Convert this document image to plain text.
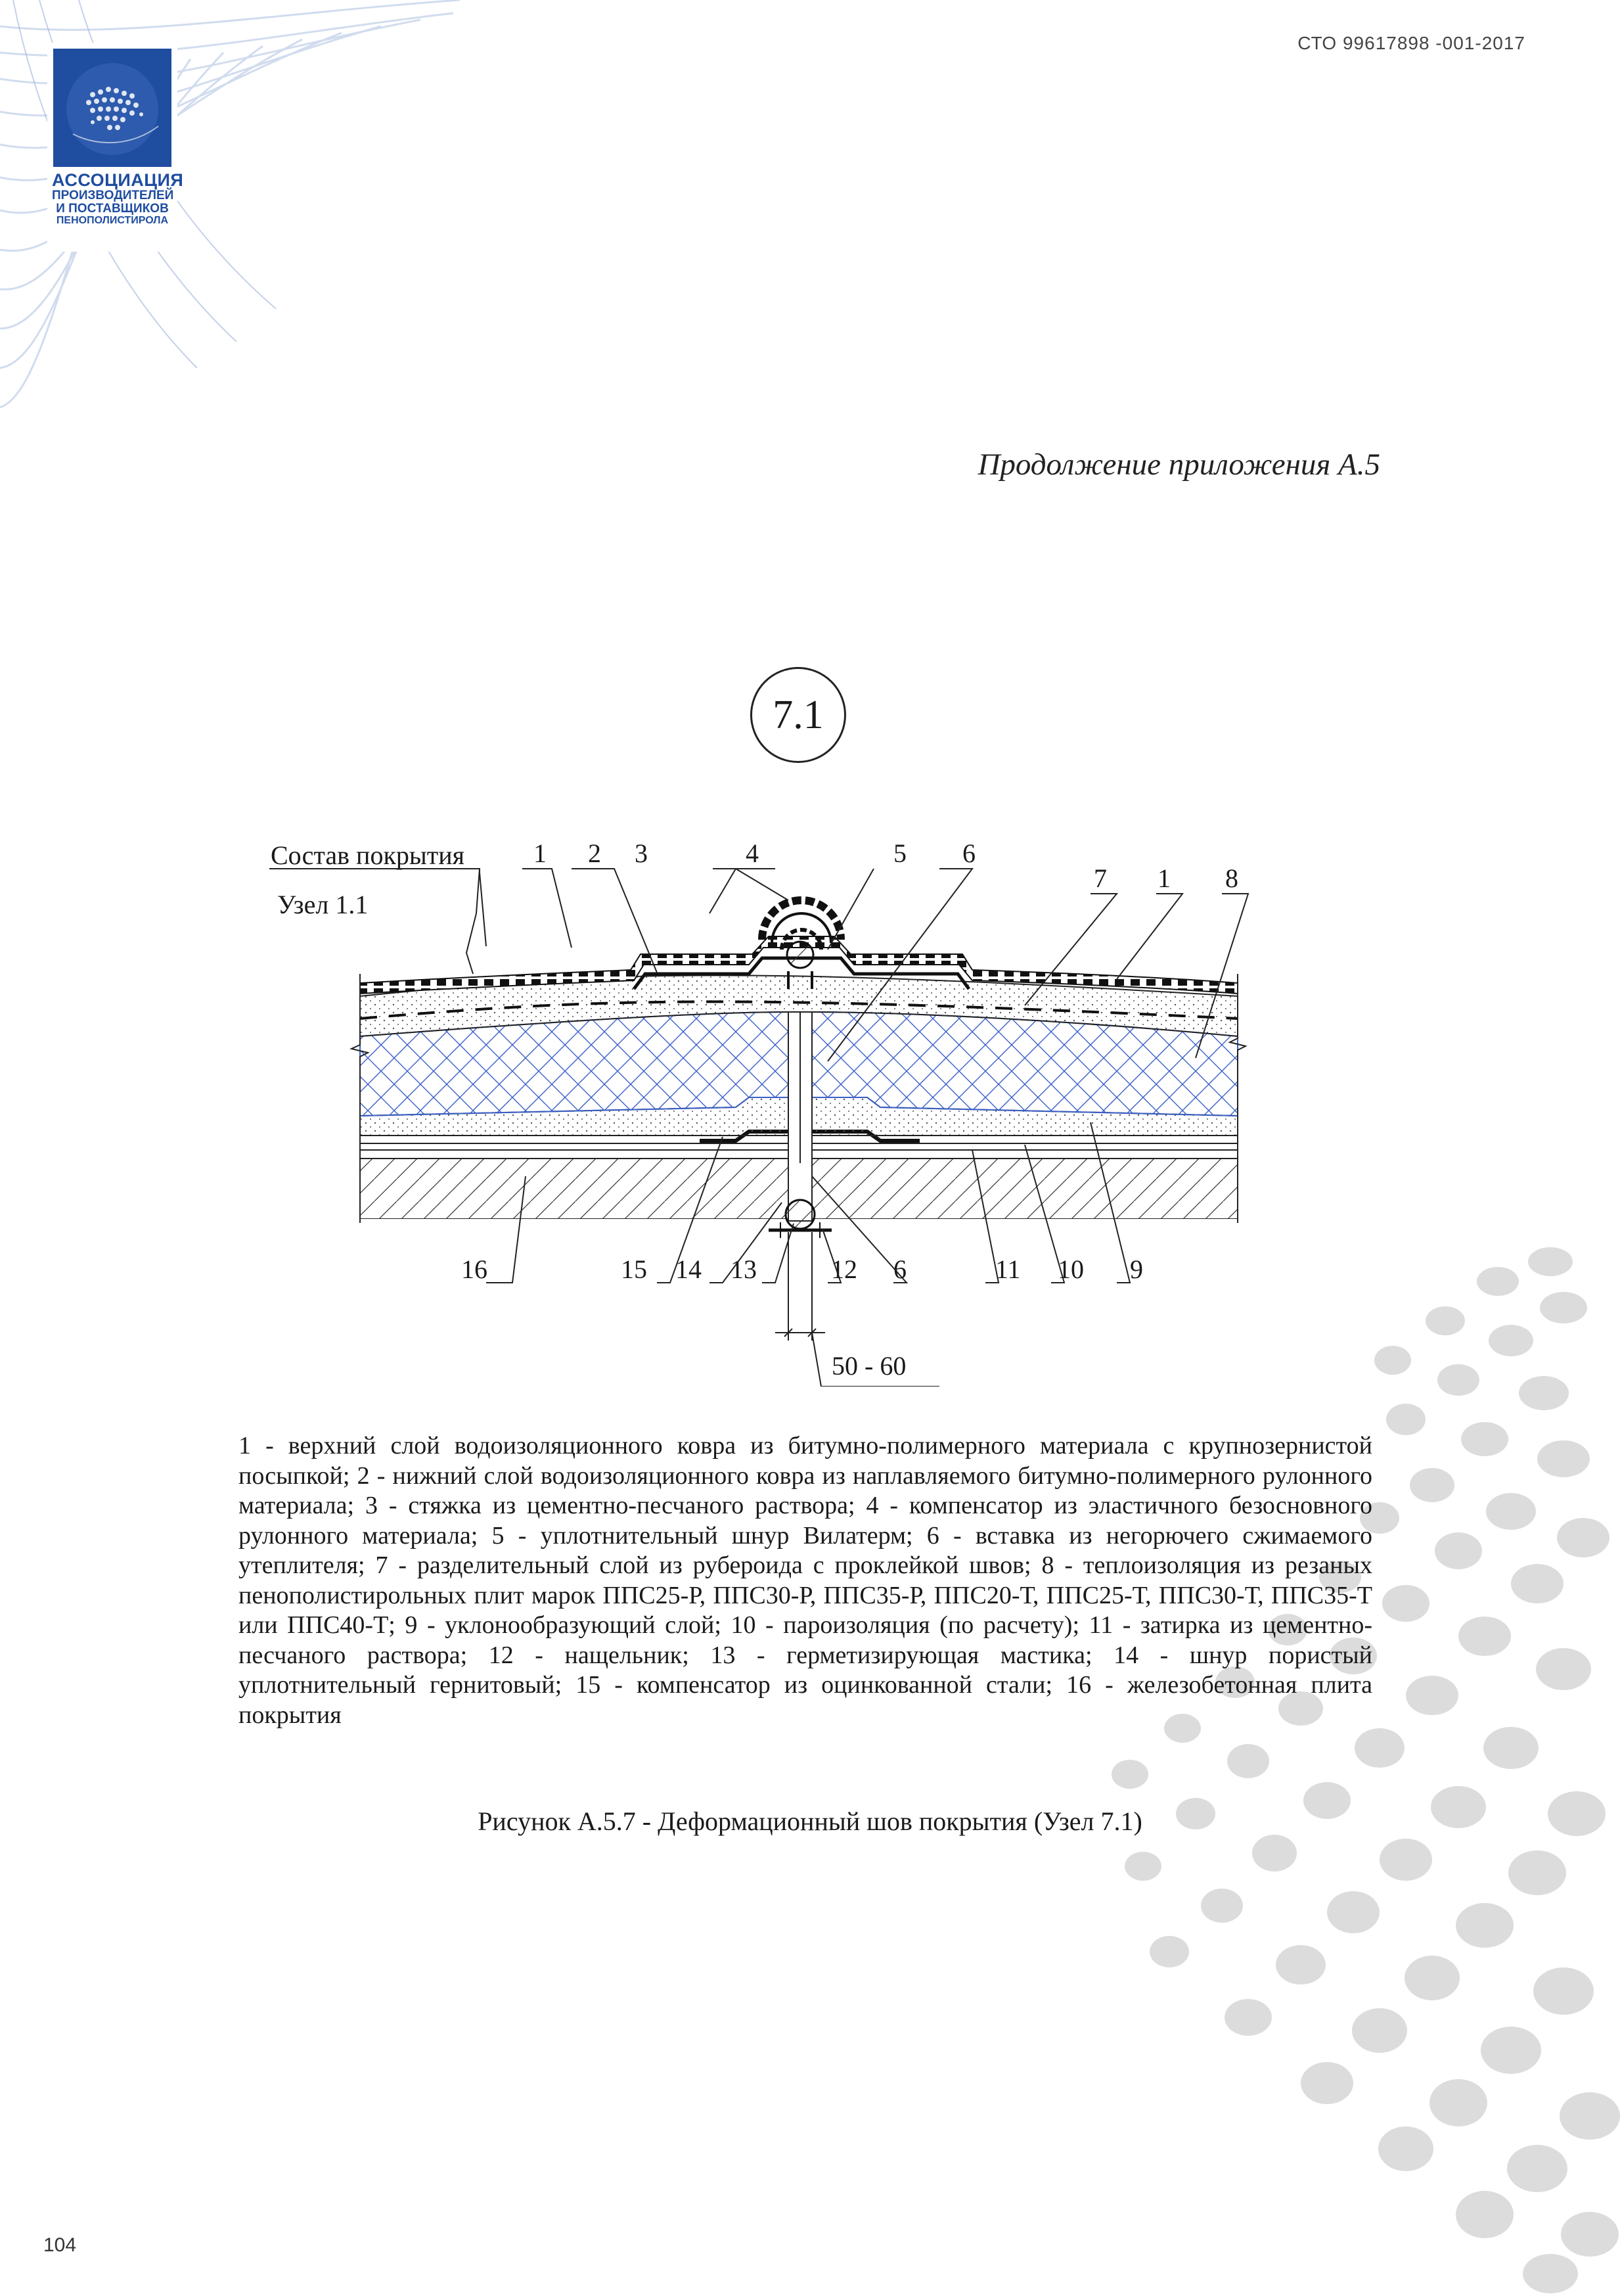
АССОЦИАЦИЯ
ПРОИЗВОДИТЕЛЕЙ
И ПОСТАВЩИКОВ
ПЕНОПОЛИСТИРОЛА
СТО 99617898 -001-2017
Продолжение приложения А.5
7.1
Состав покрытия
Узел 1.1
1 2 3	4	5 6
7 1 8
16	15 14 13	12 6	11 10 9
50 - 60
1 - верхний слой водоизоляционного ковра из битумно-полимерного материала с крупнозернистой посыпкой; 2 - нижний слой водоизоляционного ковра из наплавляемого битумно-полимерного рулонного материала; 3 - стяжка из цементно-песчаного раствора; 4 - компенсатор из эластичного безосновного рулонного материала; 5 - уплотнительный шнур Вилатерм; 6 - вставка из негорючего сжимаемого утеплителя; 7 - разделительный слой из рубероида с проклейкой швов; 8 - теплоизоляция из резаных пенополистирольных плит марок ППС25-Р, ППС30-Р, ППС35-Р, ППС20-Т, ППС25-Т, ППС30-Т, ППС35-Т или ППС40-Т; 9 - уклонообразующий слой; 10 - пароизоляция (по расчету); 11 - затирка из цементно-песчаного раствора; 12 - нащельник; 13 - герметизирующая мастика; 14 - шнур пористый уплотнительный гернитовый; 15 - компенсатор из оцинкованной стали; 16 - железобетонная плита покрытия
Рисунок А.5.7 - Деформационный шов покрытия (Узел 7.1)
104
